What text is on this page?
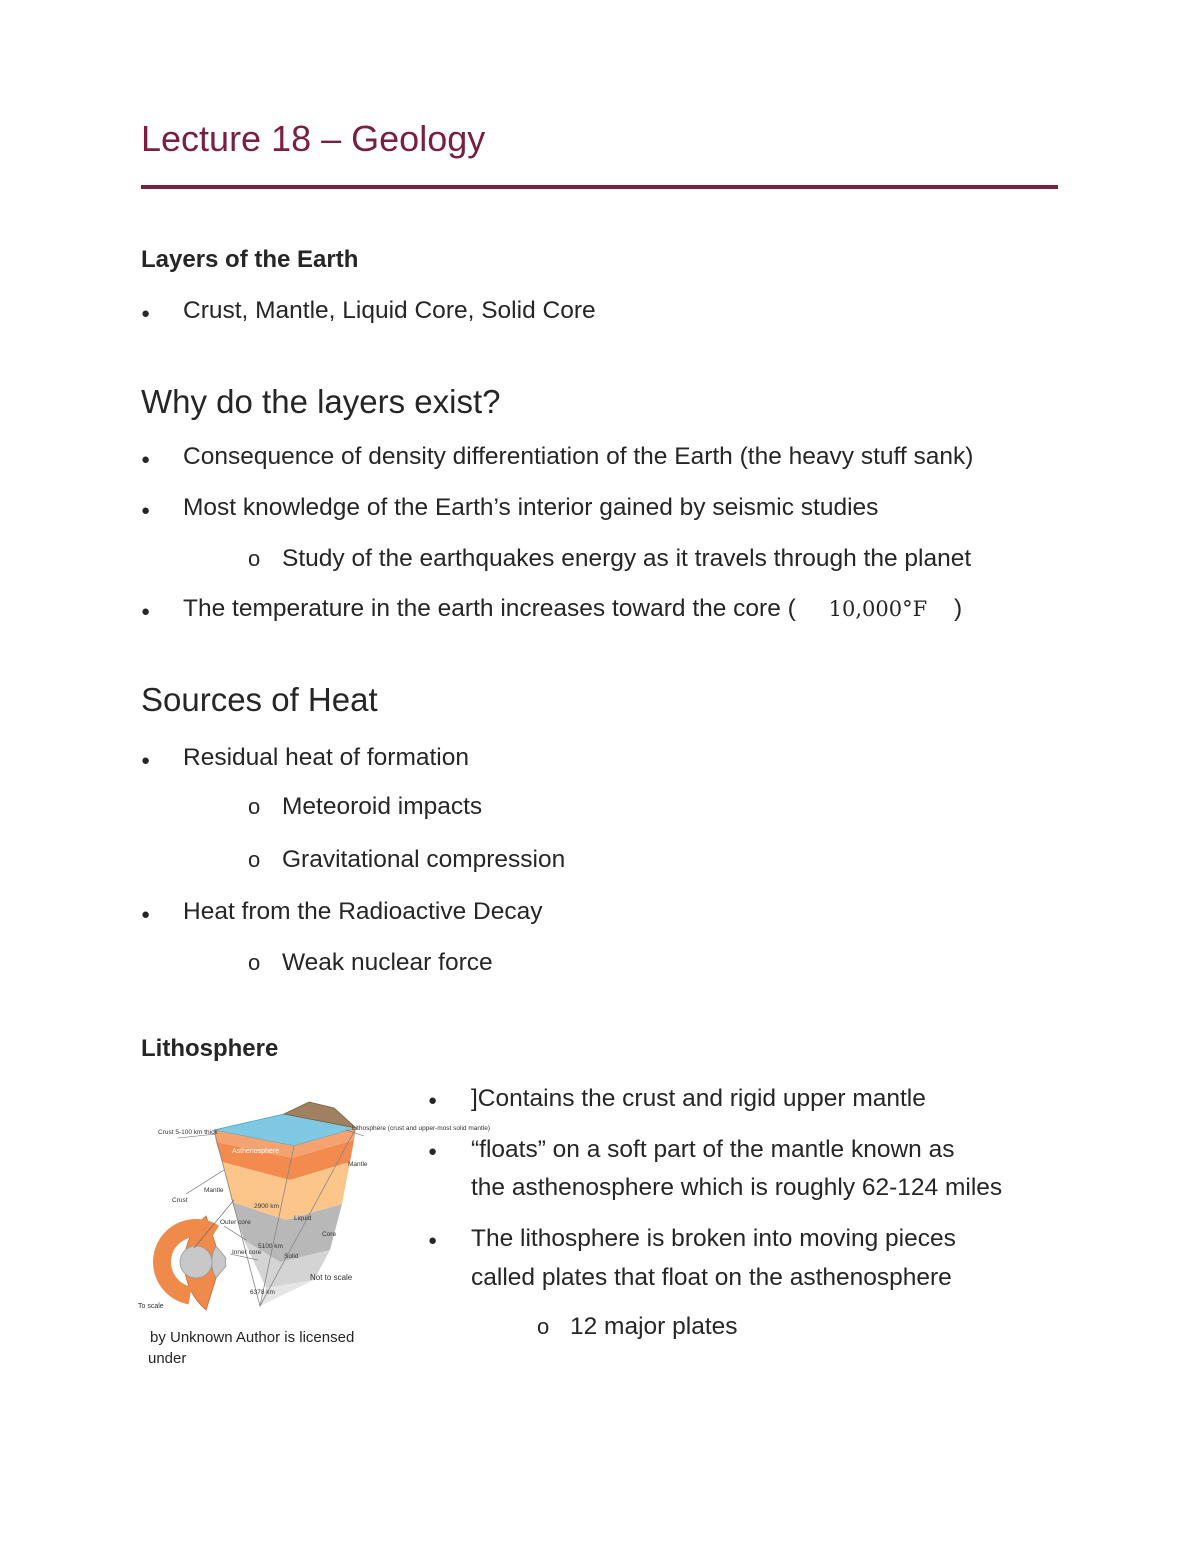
Lecture 18 – Geology
Layers of the Earth
● Crust, Mantle, Liquid Core, Solid Core
Why do the layers exist?
● Consequence of density differentiation of the Earth (the heavy stuff sank)
● Most knowledge of the Earth’s interior gained by seismic studies
o Study of the earthquakes energy as it travels through the planet
● The temperature in the earth increases toward the core ( 10,000°F )
Sources of Heat
● Residual heat of formation
o Meteoroid impacts
o Gravitational compression
● Heat from the Radioactive Decay
o Weak nuclear force
Lithosphere
Crust 5-100 km thick
Lithosphere (crust and upper-most solid mantle)
Asthenosphere
Mantle
Mantle
Crust
Outer core
Inner core
2900 km
5100 km
6378 km
Liquid
Solid
Core
Not to scale
To scale
by Unknown Author is licensed
under
● ]Contains the crust and rigid upper mantle
● “floats” on a soft part of the mantle known as
the asthenosphere which is roughly 62-124 miles
● The lithosphere is broken into moving pieces
called plates that float on the asthenosphere
o 12 major plates
